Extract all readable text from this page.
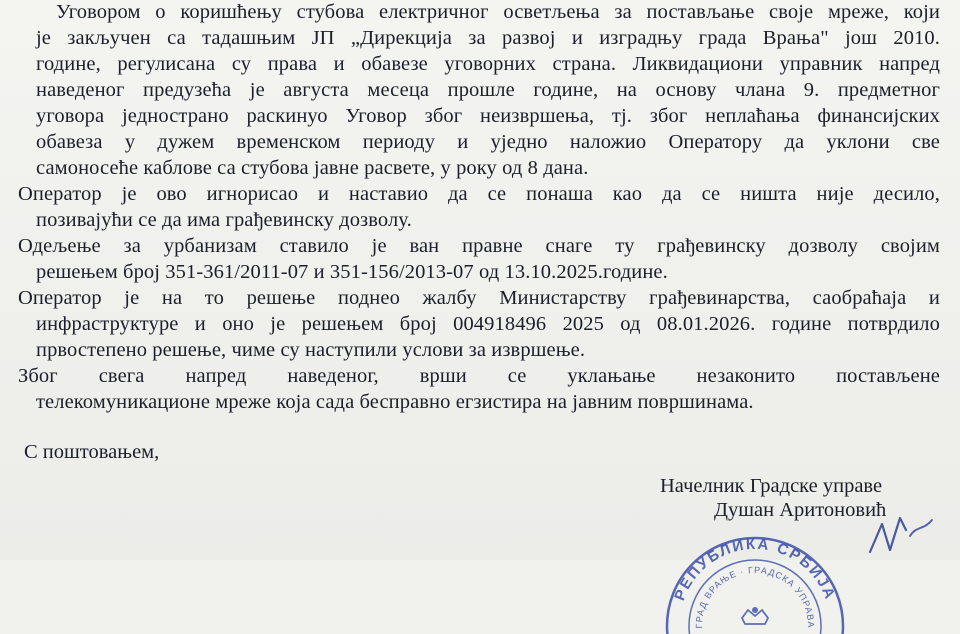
Уговором о коришћењу стубова електричног осветљења за постављање своје мреже, који
је закључен са тадашњим ЈП „Дирекција за развој и изградњу града Врања" још 2010.
године, регулисана су права и обавезе уговорних страна. Ликвидациони управник напред
наведеног предузећа је августа месеца прошле године, на основу члана 9. предметног
уговора једнострано раскинуо Уговор због неизвршења, тј. због неплаћања финансијских
обавеза у дужем временском периоду и уједно наложио Оператору да уклони све
самоносеће каблове са стубова јавне расвете, у року од 8 дана.
Оператор је ово игнорисао и наставио да се понаша као да се ништа није десило,
позивајући се да има грађевинску дозволу.
Одељење за урбанизам ставило је ван правне снаге ту грађевинску дозволу својим
решењем број 351-361/2011-07 и 351-156/2013-07 од 13.10.2025.године.
Оператор је на то решење поднео жалбу Министарству грађевинарства, саобраћаја и
инфраструктуре и оно је решењем број 004918496 2025 од 08.01.2026. године потврдило
првостепено решење, чиме су наступили услови за извршење.
Због свега напред наведеног, врши се уклањање незаконито постављене
телекомуникационе мреже која сада бесправно егзистира на јавним површинама.
С поштовањем,
Начелник Градске управе
Душан Аритоновић
РЕПУБЛИКА СРБИЈА
ГРАД ВРАЊЕ · ГРАДСКА УПРАВА
